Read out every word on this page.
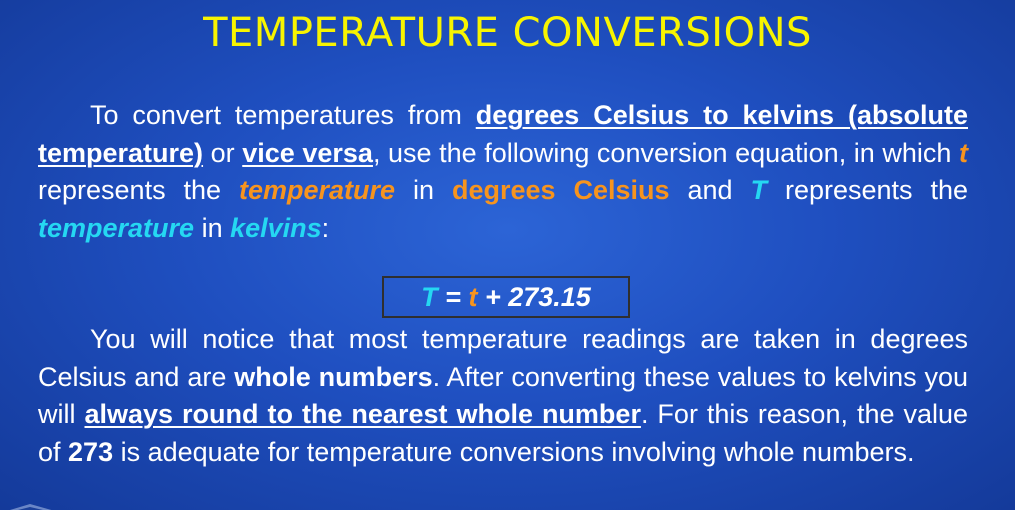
TEMPERATURE CONVERSIONS

To convert temperatures from degrees Celsius to kelvins (absolute temperature) or vice versa, use the following conversion equation, in which t represents the temperature in degrees Celsius and T represents the temperature in kelvins:

T = t + 273.15

You will notice that most temperature readings are taken in degrees Celsius and are whole numbers. After converting these values to kelvins you will always round to the nearest whole number. For this reason, the value of 273 is adequate for temperature conversions involving whole numbers.
